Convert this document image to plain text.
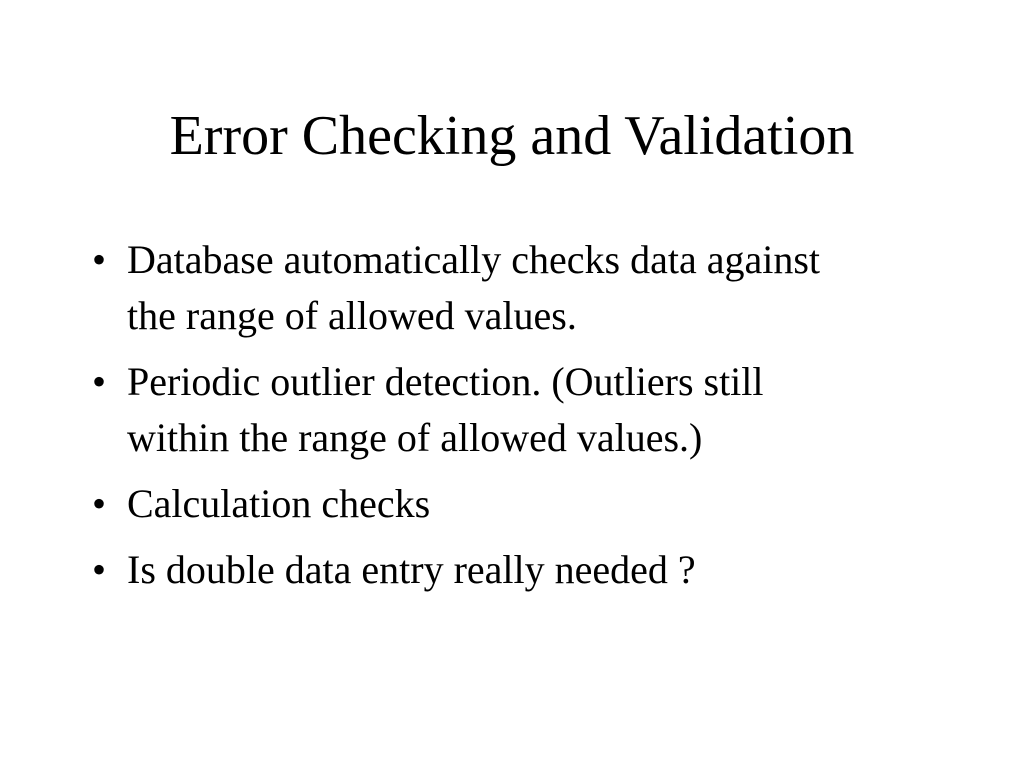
Error Checking and Validation
• Database automatically checks data against
the range of allowed values.
• Periodic outlier detection. (Outliers still
within the range of allowed values.)
• Calculation checks
• Is double data entry really needed ?
